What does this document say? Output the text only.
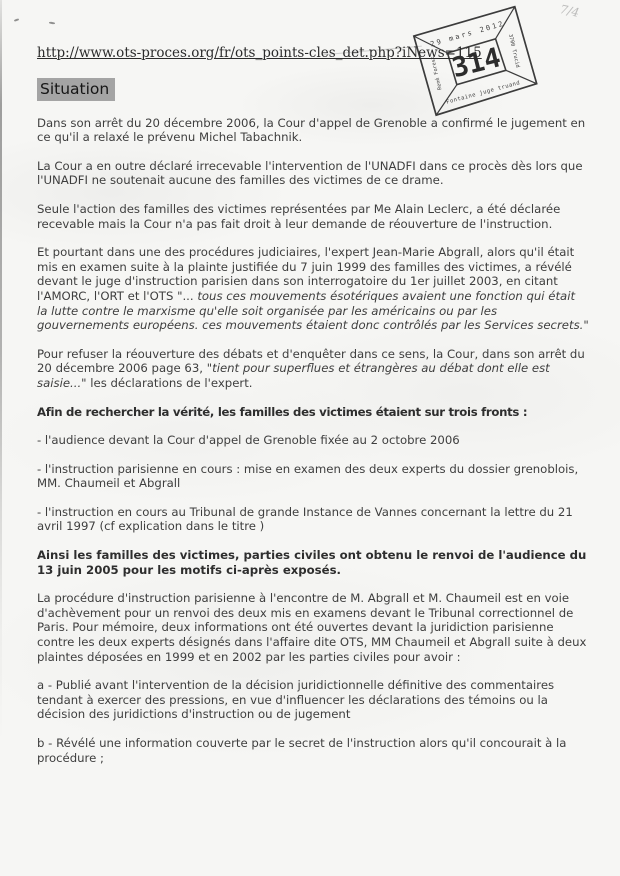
7/4
29 mars 2012
314
René Forest
3700 Trucid
Fontaine juge truand
http://www.ots-proces.org/fr/ots_points-cles_det.php?iNews=115
Situation

Dans son arrêt du 20 décembre 2006, la Cour d'appel de Grenoble a confirmé le jugement en ce qu'il a relaxé le prévenu Michel Tabachnik.

La Cour a en outre déclaré irrecevable l'intervention de l'UNADFI dans ce procès dès lors que l'UNADFI ne soutenait aucune des familles des victimes de ce drame.

Seule l'action des familles des victimes représentées par Me Alain Leclerc, a été déclarée recevable mais la Cour n'a pas fait droit à leur demande de réouverture de l'instruction.

Et pourtant dans une des procédures judiciaires, l'expert Jean-Marie Abgrall, alors qu'il était mis en examen suite à la plainte justifiée du 7 juin 1999 des familles des victimes, a révélé devant le juge d'instruction parisien dans son interrogatoire du 1er juillet 2003, en citant l'AMORC, l'ORT et l'OTS "... tous ces mouvements ésotériques avaient une fonction qui était la lutte contre le marxisme qu'elle soit organisée par les américains ou par les gouvernements européens. ces mouvements étaient donc contrôlés par les Services secrets."

Pour refuser la réouverture des débats et d'enquêter dans ce sens, la Cour, dans son arrêt du 20 décembre 2006 page 63, "tient pour superflues et étrangères au débat dont elle est saisie..." les déclarations de l'expert.

Afin de rechercher la vérité, les familles des victimes étaient sur trois fronts :

- l'audience devant la Cour d'appel de Grenoble fixée au 2 octobre 2006

- l'instruction parisienne en cours : mise en examen des deux experts du dossier grenoblois, MM. Chaumeil et Abgrall

- l'instruction en cours au Tribunal de grande Instance de Vannes concernant la lettre du 21 avril 1997 (cf explication dans le titre )

Ainsi les familles des victimes, parties civiles ont obtenu le renvoi de l'audience du 13 juin 2005 pour les motifs ci-après exposés.

La procédure d'instruction parisienne à l'encontre de M. Abgrall et M. Chaumeil est en voie d'achèvement pour un renvoi des deux mis en examens devant le Tribunal correctionnel de Paris. Pour mémoire, deux informations ont été ouvertes devant la juridiction parisienne contre les deux experts désignés dans l'affaire dite OTS, MM Chaumeil et Abgrall suite à deux plaintes déposées en 1999 et en 2002 par les parties civiles pour avoir :

a - Publié avant l'intervention de la décision juridictionnelle définitive des commentaires tendant à exercer des pressions, en vue d'influencer les déclarations des témoins ou la décision des juridictions d'instruction ou de jugement

b - Révélé une information couverte par le secret de l'instruction alors qu'il concourait à la procédure ;
